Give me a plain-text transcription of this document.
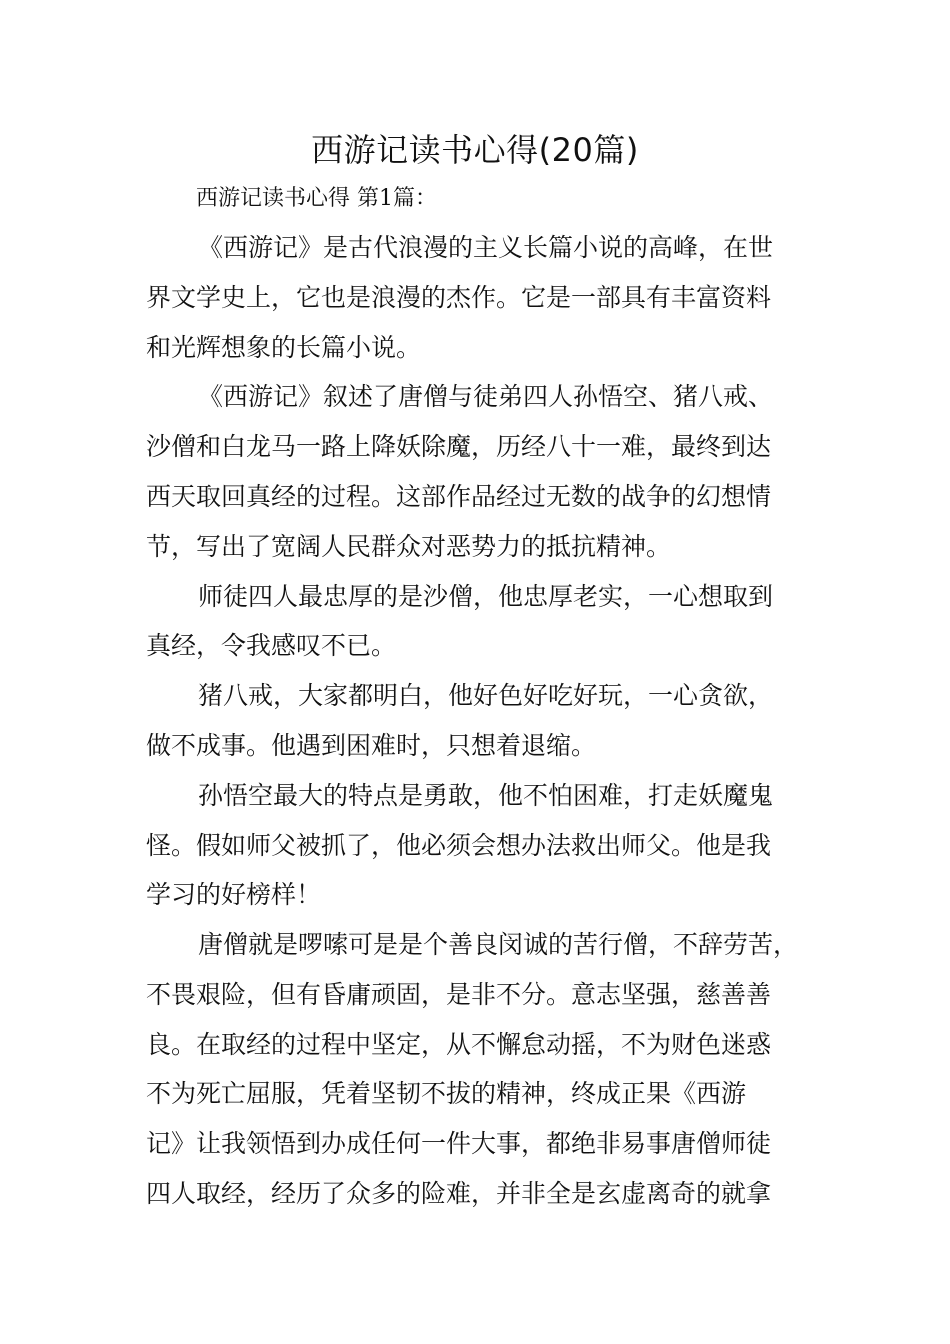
西游记读书心得(20篇)

西游记读书心得 第1篇：

《西游记》是古代浪漫的主义长篇小说的高峰，在世

界文学史上，它也是浪漫的杰作。它是一部具有丰富资料

和光辉想象的长篇小说。

《西游记》叙述了唐僧与徒弟四人孙悟空、猪八戒、

沙僧和白龙马一路上降妖除魔，历经八十一难，最终到达

西天取回真经的过程。这部作品经过无数的战争的幻想情

节，写出了宽阔人民群众对恶势力的抵抗精神。

师徒四人最忠厚的是沙僧，他忠厚老实，一心想取到

真经，令我感叹不已。

猪八戒，大家都明白，他好色好吃好玩，一心贪欲，

做不成事。他遇到困难时，只想着退缩。

孙悟空最大的特点是勇敢，他不怕困难，打走妖魔鬼

怪。假如师父被抓了，他必须会想办法救出师父。他是我

学习的好榜样！

唐僧就是啰嗦可是是个善良闵诚的苦行僧，不辞劳苦，

不畏艰险，但有昏庸顽固，是非不分。意志坚强，慈善善

良。在取经的过程中坚定，从不懈怠动摇，不为财色迷惑

不为死亡屈服，凭着坚韧不拔的精神，终成正果《西游

记》让我领悟到办成任何一件大事，都绝非易事唐僧师徒

四人取经，经历了众多的险难，并非全是玄虚离奇的就拿
